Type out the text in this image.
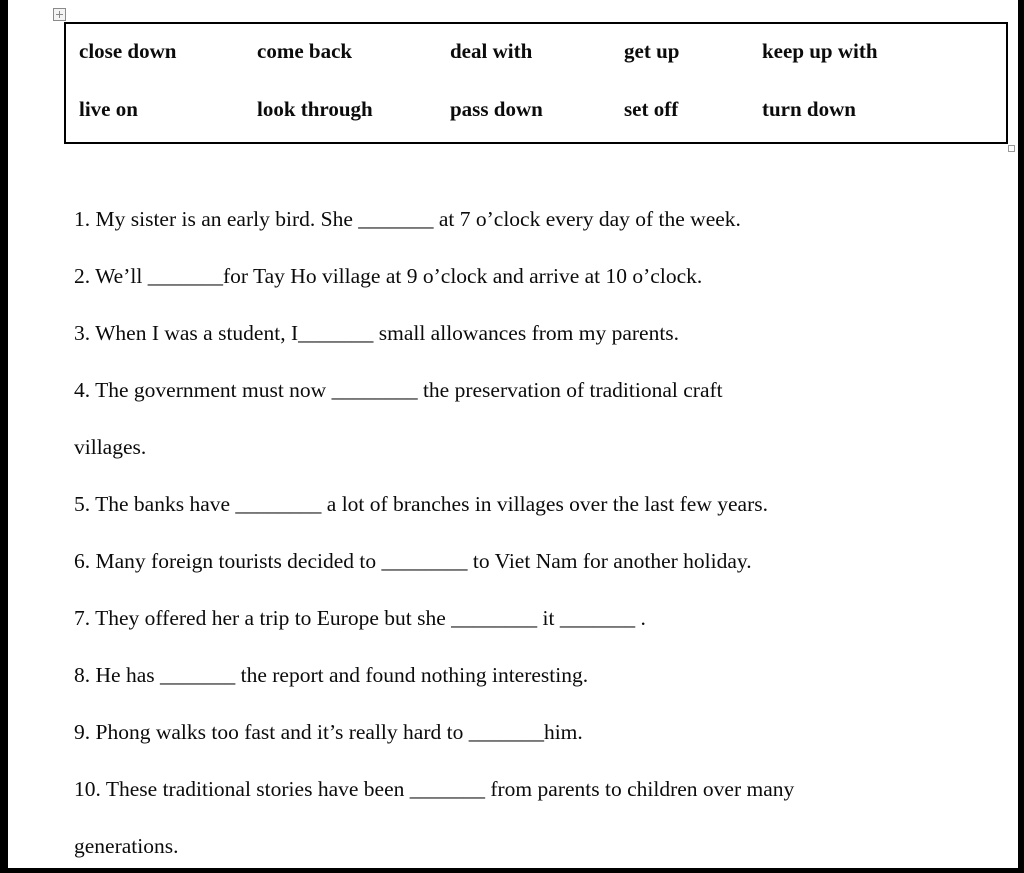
close down	come back	deal with	get up	keep up with
live on	look through	pass down	set off	turn down
1. My sister is an early bird. She _______ at 7 o’clock every day of the week.
2. We’ll _______for Tay Ho village at 9 o’clock and arrive at 10 o’clock.
3. When I was a student, I_______ small allowances from my parents.
4. The government must now ________ the preservation of traditional craft
villages.
5. The banks have ________ a lot of branches in villages over the last few years.
6. Many foreign tourists decided to ________ to Viet Nam for another holiday.
7. They offered her a trip to Europe but she ________ it _______ .
8. He has _______ the report and found nothing interesting.
9. Phong walks too fast and it’s really hard to _______him.
10. These traditional stories have been _______ from parents to children over many
generations.
